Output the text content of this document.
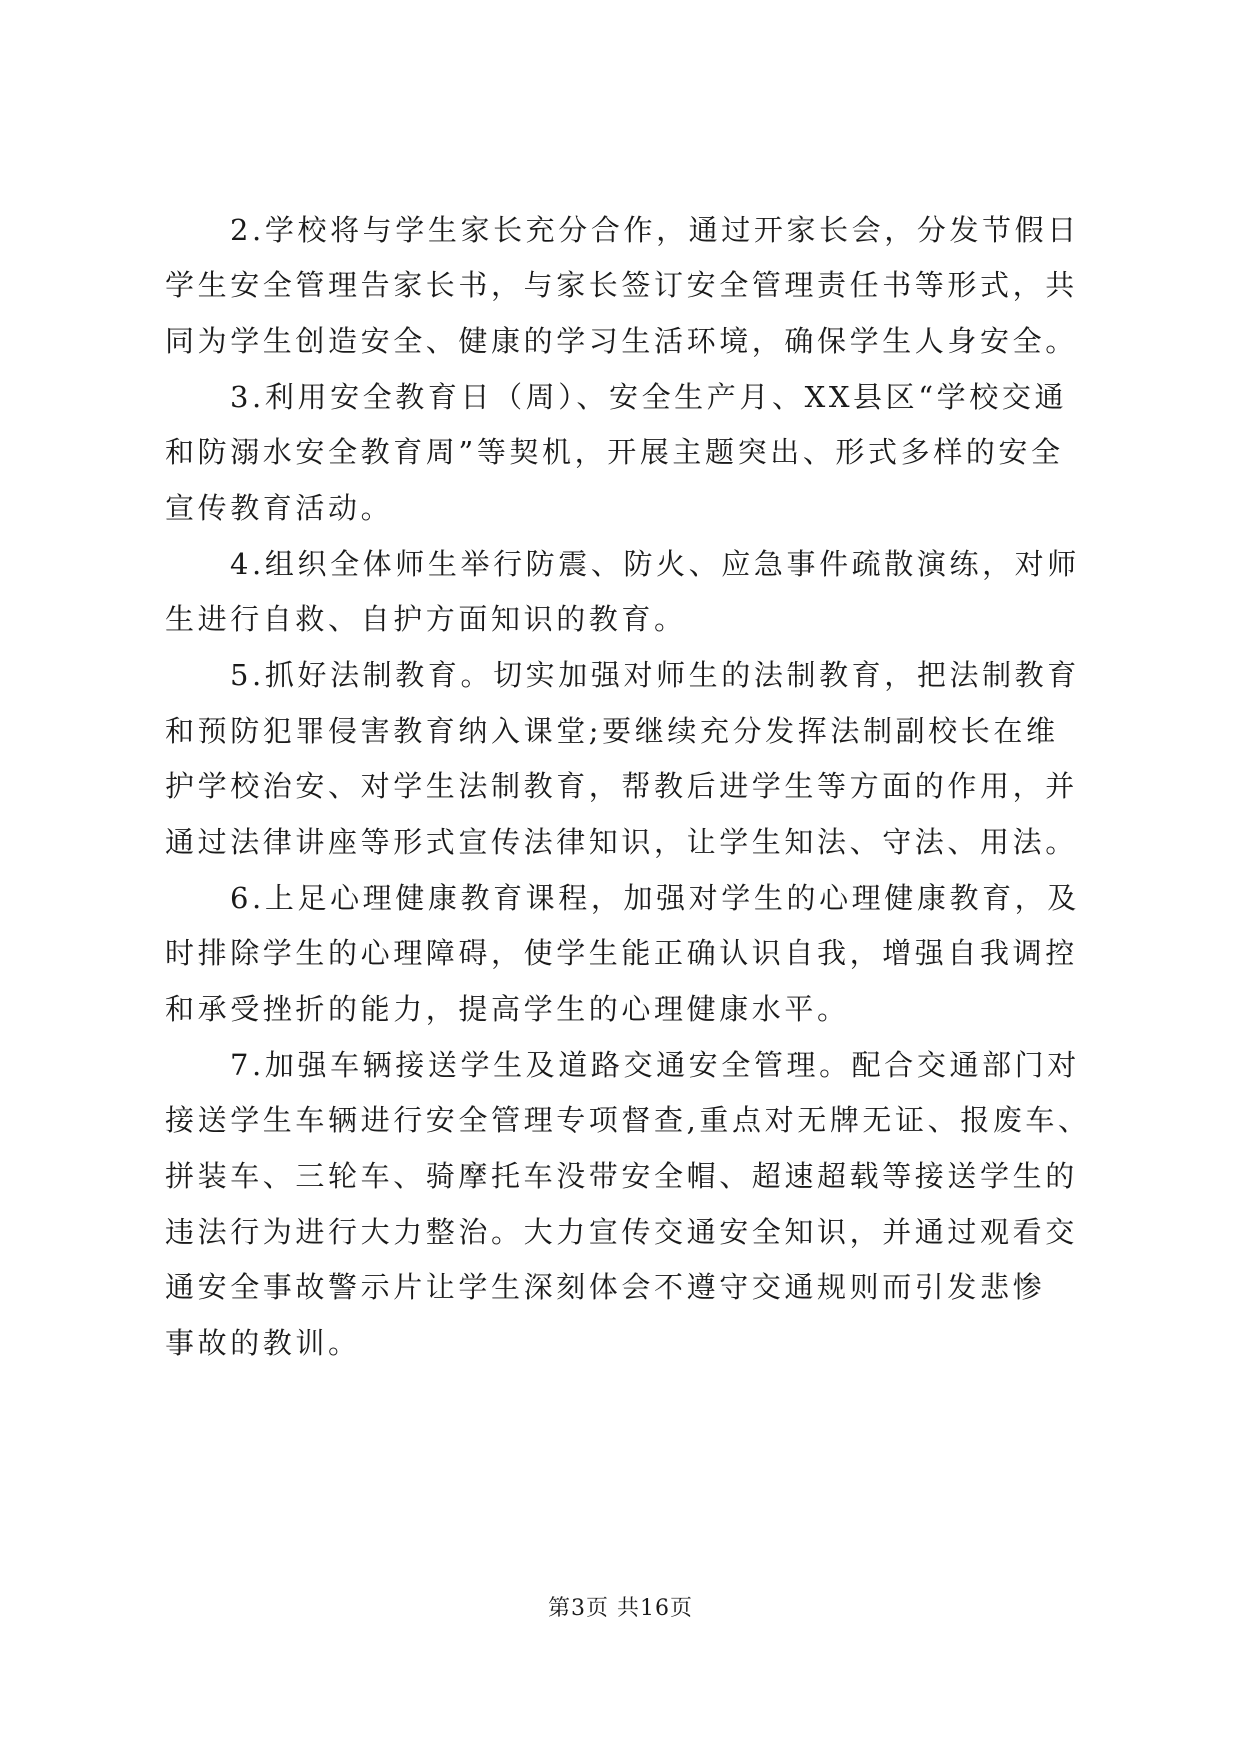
2.学校将与学生家长充分合作，通过开家长会，分发节假日
学生安全管理告家长书，与家长签订安全管理责任书等形式，共
同为学生创造安全、健康的学习生活环境，确保学生人身安全。
3.利用安全教育日（周）、安全生产月、XX县区“学校交通
和防溺水安全教育周”等契机，开展主题突出、形式多样的安全
宣传教育活动。
4.组织全体师生举行防震、防火、应急事件疏散演练，对师
生进行自救、自护方面知识的教育。
5.抓好法制教育。切实加强对师生的法制教育，把法制教育
和预防犯罪侵害教育纳入课堂;要继续充分发挥法制副校长在维
护学校治安、对学生法制教育，帮教后进学生等方面的作用，并
通过法律讲座等形式宣传法律知识，让学生知法、守法、用法。
6.上足心理健康教育课程，加强对学生的心理健康教育，及
时排除学生的心理障碍，使学生能正确认识自我，增强自我调控
和承受挫折的能力，提高学生的心理健康水平。
7.加强车辆接送学生及道路交通安全管理。配合交通部门对
接送学生车辆进行安全管理专项督查,重点对无牌无证、报废车、
拼装车、三轮车、骑摩托车没带安全帽、超速超载等接送学生的
违法行为进行大力整治。大力宣传交通安全知识，并通过观看交
通安全事故警示片让学生深刻体会不遵守交通规则而引发悲惨
事故的教训。
第3页 共16页
